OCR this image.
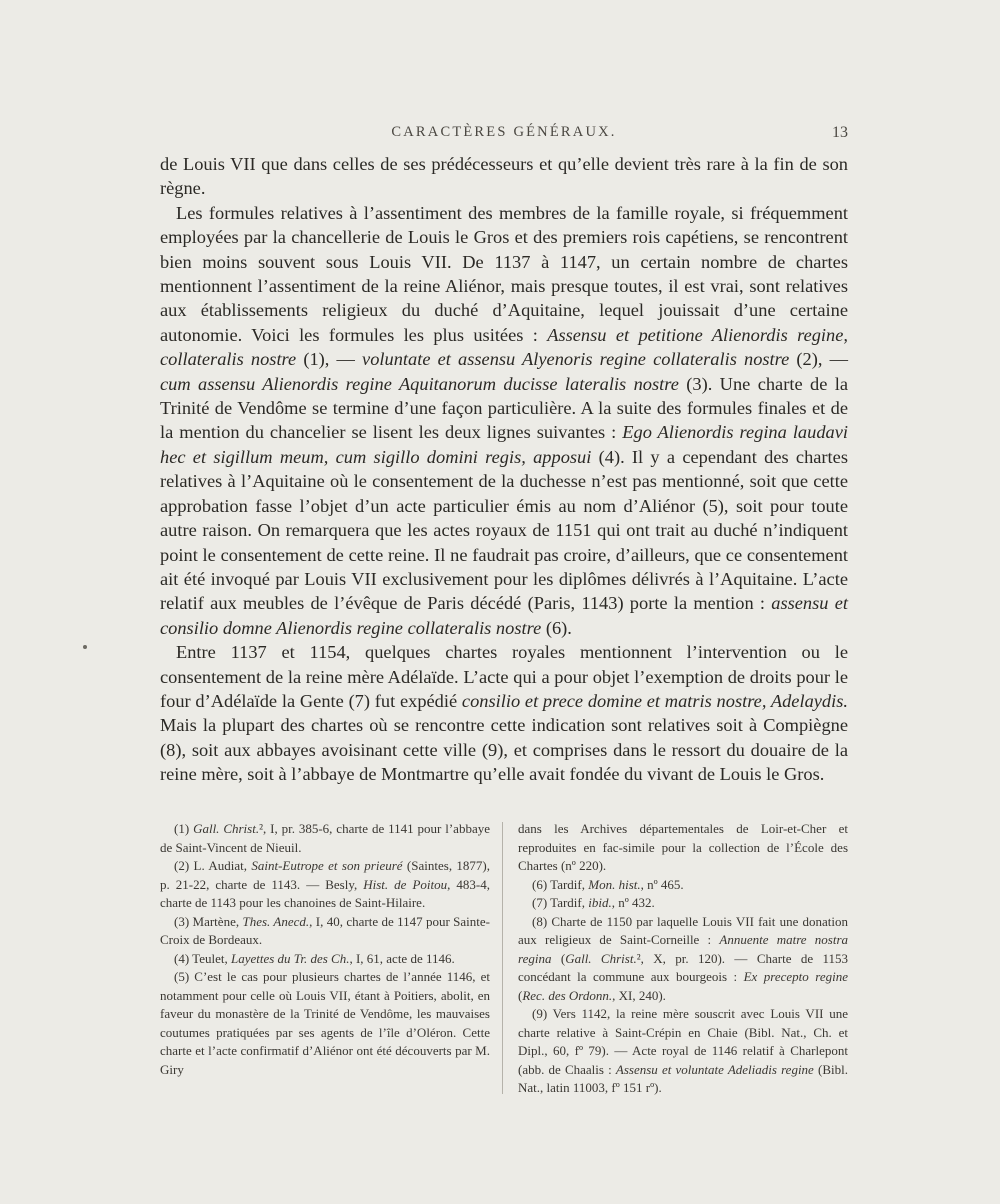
CARACTÈRES GÉNÉRAUX.	13

de Louis VII que dans celles de ses prédécesseurs et qu’elle devient très rare à la fin de son règne.

Les formules relatives à l’assentiment des membres de la famille royale, si fréquemment employées par la chancellerie de Louis le Gros et des premiers rois capétiens, se rencontrent bien moins souvent sous Louis VII. De 1137 à 1147, un certain nombre de chartes mentionnent l’assentiment de la reine Aliénor, mais presque toutes, il est vrai, sont relatives aux établissements religieux du duché d’Aquitaine, lequel jouissait d’une certaine autonomie. Voici les formules les plus usitées : Assensu et petitione Alienordis regine, collateralis nostre (1), — voluntate et assensu Alyenoris regine collateralis nostre (2), — cum assensu Alienordis regine Aquitanorum ducisse lateralis nostre (3). Une charte de la Trinité de Vendôme se termine d’une façon particulière. A la suite des formules finales et de la mention du chancelier se lisent les deux lignes suivantes : Ego Alienordis regina laudavi hec et sigillum meum, cum sigillo domini regis, apposui (4). Il y a cependant des chartes relatives à l’Aquitaine où le consentement de la duchesse n’est pas mentionné, soit que cette approbation fasse l’objet d’un acte particulier émis au nom d’Aliénor (5), soit pour toute autre raison. On remarquera que les actes royaux de 1151 qui ont trait au duché n’indiquent point le consentement de cette reine. Il ne faudrait pas croire, d’ailleurs, que ce consentement ait été invoqué par Louis VII exclusivement pour les diplômes délivrés à l’Aquitaine. L’acte relatif aux meubles de l’évêque de Paris décédé (Paris, 1143) porte la mention : assensu et consilio domne Alienordis regine collateralis nostre (6).

Entre 1137 et 1154, quelques chartes royales mentionnent l’intervention ou le consentement de la reine mère Adélaïde. L’acte qui a pour objet l’exemption de droits pour le four d’Adélaïde la Gente (7) fut expédié consilio et prece domine et matris nostre, Adelaydis. Mais la plupart des chartes où se rencontre cette indication sont relatives soit à Compiègne (8), soit aux abbayes avoisinant cette ville (9), et comprises dans le ressort du douaire de la reine mère, soit à l’abbaye de Montmartre qu’elle avait fondée du vivant de Louis le Gros.

(1) Gall. Christ.², I, pr. 385-6, charte de 1141 pour l’abbaye de Saint-Vincent de Nieuil.

(2) L. Audiat, Saint-Eutrope et son prieuré (Saintes, 1877), p. 21-22, charte de 1143. — Besly, Hist. de Poitou, 483-4, charte de 1143 pour les chanoines de Saint-Hilaire.

(3) Martène, Thes. Anecd., I, 40, charte de 1147 pour Sainte-Croix de Bordeaux.

(4) Teulet, Layettes du Tr. des Ch., I, 61, acte de 1146.

(5) C’est le cas pour plusieurs chartes de l’année 1146, et notamment pour celle où Louis VII, étant à Poitiers, abolit, en faveur du monastère de la Trinité de Vendôme, les mauvaises coutumes pratiquées par ses agents de l’île d’Oléron. Cette charte et l’acte confirmatif d’Aliénor ont été découverts par M. Giry

dans les Archives départementales de Loir-et-Cher et reproduites en fac-simile pour la collection de l’École des Chartes (nº 220).

(6) Tardif, Mon. hist., nº 465.

(7) Tardif, ibid., nº 432.

(8) Charte de 1150 par laquelle Louis VII fait une donation aux religieux de Saint-Corneille : Annuente matre nostra regina (Gall. Christ.², X, pr. 120). — Charte de 1153 concédant la commune aux bourgeois : Ex precepto regine (Rec. des Ordonn., XI, 240).

(9) Vers 1142, la reine mère souscrit avec Louis VII une charte relative à Saint-Crépin en Chaie (Bibl. Nat., Ch. et Dipl., 60, fº 79). — Acte royal de 1146 relatif à Charlepont (abb. de Chaalis : Assensu et voluntate Adeliadis regine (Bibl. Nat., latin 11003, fº 151 rº).
